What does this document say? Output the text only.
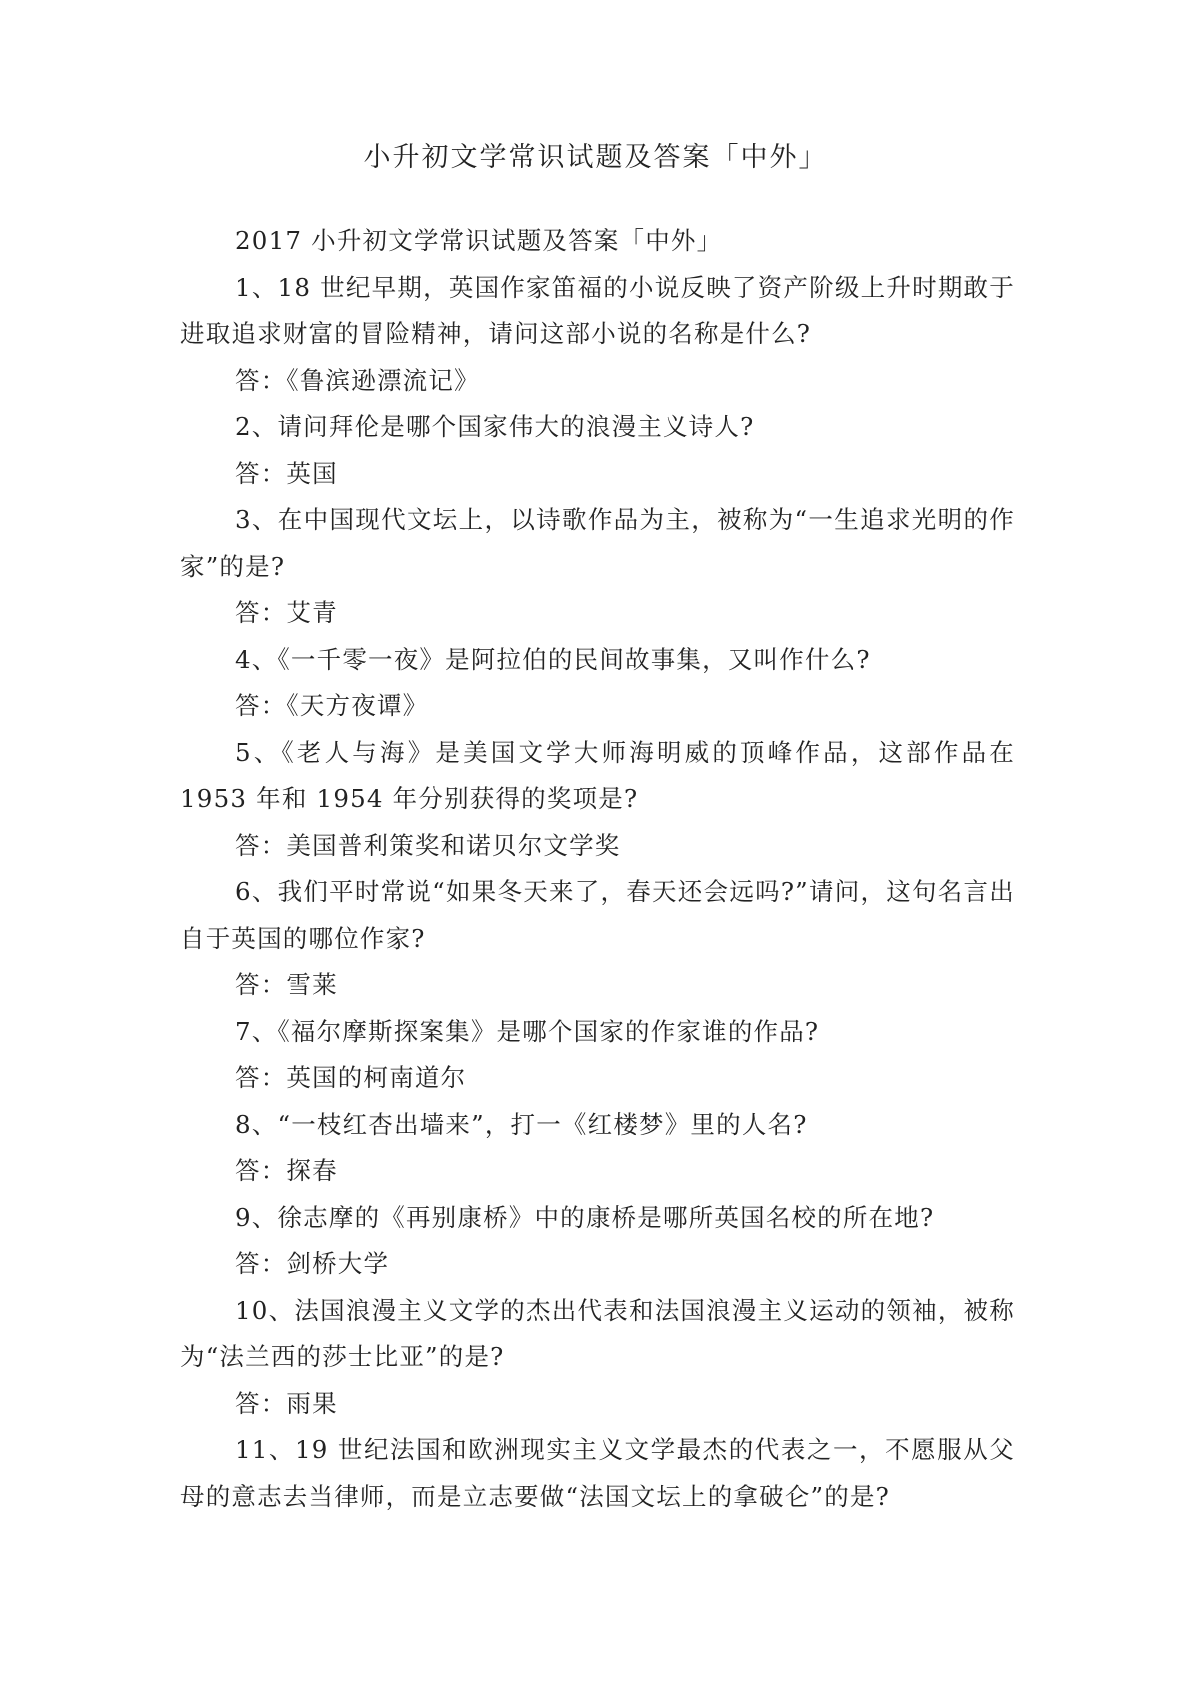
小升初文学常识试题及答案「中外」

2017 小升初文学常识试题及答案「中外」

1、18 世纪早期，英国作家笛福的小说反映了资产阶级上升时期敢于进取追求财富的冒险精神，请问这部小说的名称是什么?

答：《鲁滨逊漂流记》

2、请问拜伦是哪个国家伟大的浪漫主义诗人?

答：英国

3、在中国现代文坛上，以诗歌作品为主，被称为“一生追求光明的作家”的是?

答：艾青

4、《一千零一夜》是阿拉伯的民间故事集，又叫作什么?

答：《天方夜谭》

5、《老人与海》是美国文学大师海明威的顶峰作品，这部作品在 1953 年和 1954 年分别获得的奖项是?

答：美国普利策奖和诺贝尔文学奖

6、我们平时常说“如果冬天来了，春天还会远吗?”请问，这句名言出自于英国的哪位作家?

答：雪莱

7、《福尔摩斯探案集》是哪个国家的作家谁的作品?

答：英国的柯南道尔

8、“一枝红杏出墙来”，打一《红楼梦》里的人名?

答：探春

9、徐志摩的《再别康桥》中的康桥是哪所英国名校的所在地?

答：剑桥大学

10、法国浪漫主义文学的杰出代表和法国浪漫主义运动的领袖，被称为“法兰西的莎士比亚”的是?

答：雨果

11、19 世纪法国和欧洲现实主义文学最杰的代表之一，不愿服从父母的意志去当律师，而是立志要做“法国文坛上的拿破仑”的是?
